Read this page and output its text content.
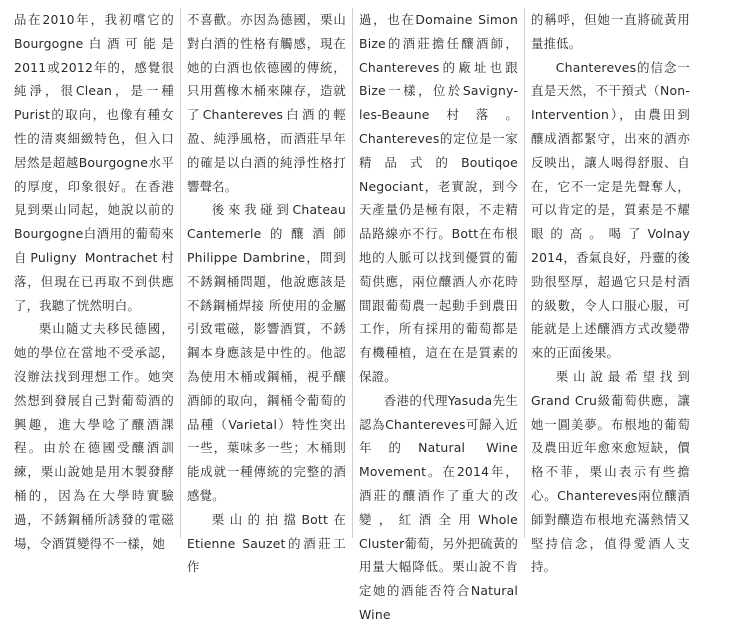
品在2010年，我初嚐它的Bourgogne白酒可能是2011或2012年的，感覺很純淨，很Clean，是一種Purist的取向，也像有種女性的清爽細緻特色，但入口居然是超越Bourgogne水平的厚度，印象很好。在香港見到栗山同起，她說以前的Bourgogne白酒用的葡萄來自Puligny Montrachet村落，但現在已再取不到供應了，我聽了恍然明白。

栗山隨丈夫移民德國，她的學位在當地不受承認，沒辦法找到理想工作。她突然想到發展自己對葡萄酒的興趣，進大學唸了釀酒課程。由於在德國受釀酒訓練，栗山說她是用木製發酵桶的，因為在大學時實驗過，不銹鋼桶所誘發的電磁場，令酒質變得不一樣，她

不喜歡。亦因為德國，栗山對白酒的性格有觸感，現在她的白酒也依德國的傳統，只用舊橡木桶來陳存，造就了Chantereves白酒的輕盈、純淨風格，而酒莊早年的確是以白酒的純淨性格打響聲名。

後來我碰到Chateau Cantemerle的釀酒師Philippe Dambrine，問到不銹鋼桶問題，他說應該是不銹鋼桶焊接 所使用的金屬引致電磁，影響酒質，不銹鋼本身應該是中性的。他認為使用木桶或鋼桶，視乎釀酒師的取向，鋼桶令葡萄的品種（Varietal）特性突出一些，葉味多一些；木桶則能成就一種傳統的完整的酒感覺。

栗山的拍擋Bott在Etienne Sauzet的酒莊工作

過，也在Domaine Simon Bize的酒莊擔任釀酒師，Chantereves的廠址也跟Bize一樣，位於Savigny-les-Beaune村落。Chantereves的定位是一家精品式的Boutiqoe Negociant，老實說，到今天產量仍是極有限，不走精品路線亦不行。Bott在布根地的人脈可以找到優質的葡萄供應，兩位釀酒人亦花時間跟葡萄農一起動手到農田工作，所有採用的葡萄都是有機種植，這在在是質素的保證。

香港的代理Yasuda先生認為Chantereves可歸入近年的Natural Wine Movement。在2014年，酒莊的釀酒作了重大的改變，紅酒全用Whole Cluster葡萄，另外把硫黃的用量大幅降低。栗山說不肯定她的酒能否符合Natural Wine

的稱呼，但她一直將硫黃用量推低。

Chantereves的信念一直是天然，不干預式（Non-Intervention），由農田到釀成酒都緊守，出來的酒亦反映出，讓人喝得舒服、自在，它不一定是先聲奪人，可以肯定的是，質素是不耀眼的高。喝了Volnay 2014，香氣良好，丹靈的後勁很堅厚，超過它只是村酒的級數，令人口服心服，可能就是上述釀酒方式改變帶來的正面後果。

栗山說最希望找到Grand Cru級葡萄供應，讓她一圓美夢。布根地的葡萄及農田近年愈來愈短缺，價格不菲，栗山表示有些擔心。Chantereves兩位釀酒師對釀造布根地充滿熱情又堅持信念，值得愛酒人支持。
